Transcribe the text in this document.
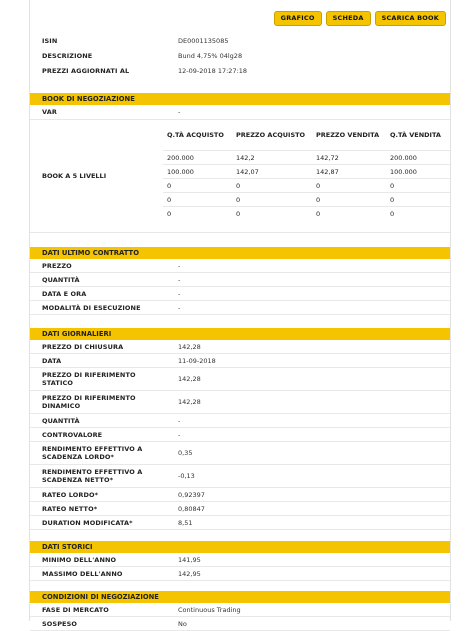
GRAFICO	SCHEDA	SCARICA BOOK
ISIN	DE0001135085
DESCRIZIONE	Bund 4,75% 04lg28
PREZZI AGGIORNATI AL	12-09-2018 17:27:18
BOOK DI NEGOZIAZIONE
VAR	-
BOOK A 5 LIVELLI
Q.TÀ ACQUISTO	PREZZO ACQUISTO	PREZZO VENDITA	Q.TÀ VENDITA
200.000	142,2	142,72	200.000
100.000	142,07	142,87	100.000
0	0	0	0
0	0	0	0
0	0	0	0
DATI ULTIMO CONTRATTO
PREZZO	-
QUANTITÀ	-
DATA E ORA	-
MODALITÀ DI ESECUZIONE	-
DATI GIORNALIERI
PREZZO DI CHIUSURA	142,28
DATA	11-09-2018
PREZZO DI RIFERIMENTO STATICO	142,28
PREZZO DI RIFERIMENTO DINAMICO	142,28
QUANTITÀ	-
CONTROVALORE	-
RENDIMENTO EFFETTIVO A SCADENZA LORDO*	0,35
RENDIMENTO EFFETTIVO A SCADENZA NETTO*	-0,13
RATEO LORDO*	0,92397
RATEO NETTO*	0,80847
DURATION MODIFICATA*	8,51
DATI STORICI
MINIMO DELL'ANNO	141,95
MASSIMO DELL'ANNO	142,95
CONDIZIONI DI NEGOZIAZIONE
FASE DI MERCATO	Continuous Trading
SOSPESO	No
